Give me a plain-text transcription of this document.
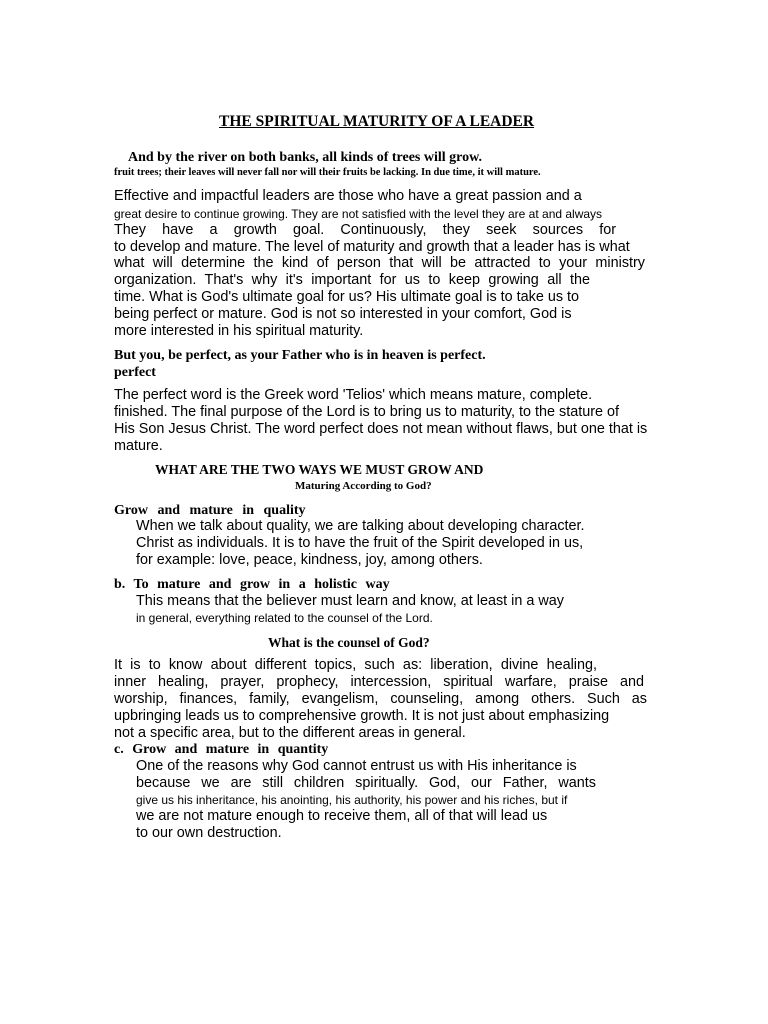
THE SPIRITUAL MATURITY OF A LEADER
And by the river on both banks, all kinds of trees will grow.
fruit trees; their leaves will never fall nor will their fruits be lacking. In due time, it will mature.
Effective and impactful leaders are those who have a great passion and a
great desire to continue growing. They are not satisfied with the level they are at and always
They have a growth goal. Continuously, they seek sources for
to develop and mature. The level of maturity and growth that a leader has is what
what will determine the kind of person that will be attracted to your ministry
organization. That's why it's important for us to keep growing all the
time. What is God's ultimate goal for us? His ultimate goal is to take us to
being perfect or mature. God is not so interested in your comfort, God is
more interested in his spiritual maturity.
But you, be perfect, as your Father who is in heaven is perfect.
perfect
The perfect word is the Greek word 'Telios' which means mature, complete.
finished. The final purpose of the Lord is to bring us to maturity, to the stature of
His Son Jesus Christ. The word perfect does not mean without flaws, but one that is
mature.
WHAT ARE THE TWO WAYS WE MUST GROW AND
Maturing According to God?
Grow and mature in quality
When we talk about quality, we are talking about developing character.
Christ as individuals. It is to have the fruit of the Spirit developed in us,
for example: love, peace, kindness, joy, among others.
b. To mature and grow in a holistic way
This means that the believer must learn and know, at least in a way
in general, everything related to the counsel of the Lord.
What is the counsel of God?
It is to know about different topics, such as: liberation, divine healing,
inner healing, prayer, prophecy, intercession, spiritual warfare, praise and
worship, finances, family, evangelism, counseling, among others. Such as
upbringing leads us to comprehensive growth. It is not just about emphasizing
not a specific area, but to the different areas in general.
c. Grow and mature in quantity
One of the reasons why God cannot entrust us with His inheritance is
because we are still children spiritually. God, our Father, wants
give us his inheritance, his anointing, his authority, his power and his riches, but if
we are not mature enough to receive them, all of that will lead us
to our own destruction.
